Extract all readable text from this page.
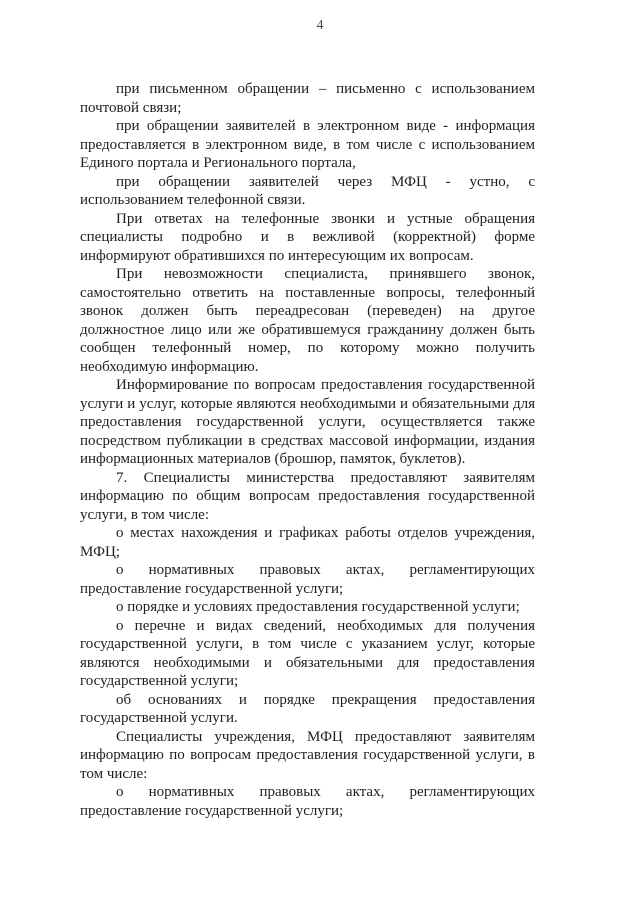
4

при письменном обращении – письменно с использованием почтовой связи;

при обращении заявителей в электронном виде - информация предоставляется в электронном виде, в том числе с использованием Единого портала и Регионального портала,

при обращении заявителей через МФЦ - устно, с использованием телефонной связи.

При ответах на телефонные звонки и устные обращения специалисты подробно и в вежливой (корректной) форме информируют обратившихся по интересующим их вопросам.

При невозможности специалиста, принявшего звонок, самостоятельно ответить на поставленные вопросы, телефонный звонок должен быть переадресован (переведен) на другое должностное лицо или же обратившемуся гражданину должен быть сообщен телефонный номер, по которому можно получить необходимую информацию.

Информирование по вопросам предоставления государственной услуги и услуг, которые являются необходимыми и обязательными для предоставления государственной услуги, осуществляется также посредством публикации в средствах массовой информации, издания информационных материалов (брошюр, памяток, буклетов).

7. Специалисты министерства предоставляют заявителям информацию по общим вопросам предоставления государственной услуги, в том числе:

о местах нахождения и графиках работы отделов учреждения, МФЦ;

о нормативных правовых актах, регламентирующих предоставление государственной услуги;

о порядке и условиях предоставления государственной услуги;

о перечне и видах сведений, необходимых для получения государственной услуги, в том числе с указанием услуг, которые являются необходимыми и обязательными для предоставления государственной услуги;

об основаниях и порядке прекращения предоставления государственной услуги.

Специалисты учреждения, МФЦ предоставляют заявителям информацию по вопросам предоставления государственной услуги, в том числе:

о нормативных правовых актах, регламентирующих предоставление государственной услуги;
